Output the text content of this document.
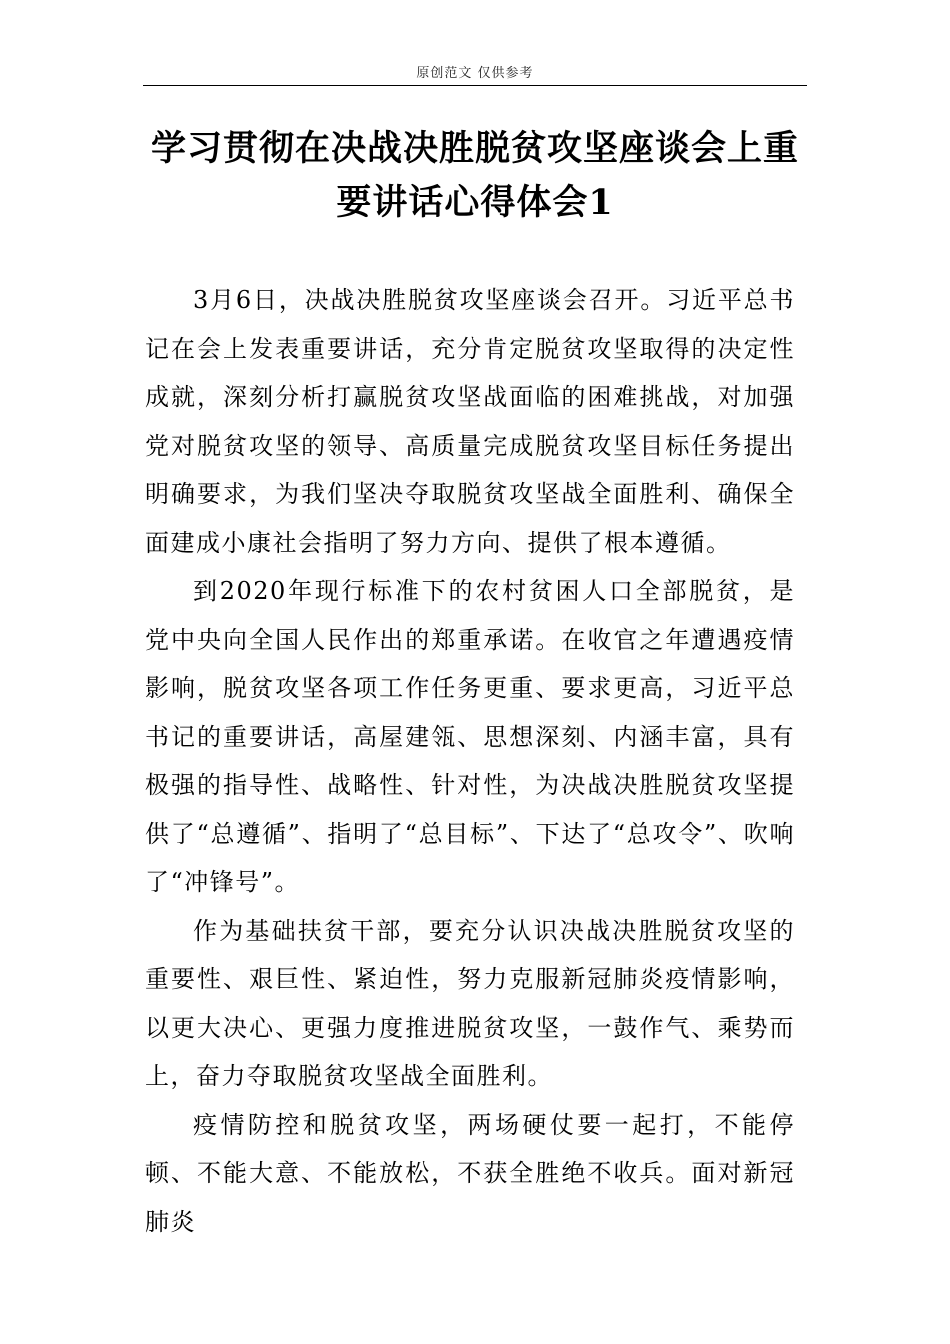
原创范文 仅供参考
学习贯彻在决战决胜脱贫攻坚座谈会上重要讲话心得体会1

3月6日，决战决胜脱贫攻坚座谈会召开。习近平总书记在会上发表重要讲话，充分肯定脱贫攻坚取得的决定性成就，深刻分析打赢脱贫攻坚战面临的困难挑战，对加强党对脱贫攻坚的领导、高质量完成脱贫攻坚目标任务提出明确要求，为我们坚决夺取脱贫攻坚战全面胜利、确保全面建成小康社会指明了努力方向、提供了根本遵循。

到2020年现行标准下的农村贫困人口全部脱贫，是党中央向全国人民作出的郑重承诺。在收官之年遭遇疫情影响，脱贫攻坚各项工作任务更重、要求更高，习近平总书记的重要讲话，高屋建瓴、思想深刻、内涵丰富，具有极强的指导性、战略性、针对性，为决战决胜脱贫攻坚提供了“总遵循”、指明了“总目标”、下达了“总攻令”、吹响了“冲锋号”。

作为基础扶贫干部，要充分认识决战决胜脱贫攻坚的重要性、艰巨性、紧迫性，努力克服新冠肺炎疫情影响，以更大决心、更强力度推进脱贫攻坚，一鼓作气、乘势而上，奋力夺取脱贫攻坚战全面胜利。

疫情防控和脱贫攻坚，两场硬仗要一起打，不能停顿、不能大意、不能放松，不获全胜绝不收兵。面对新冠肺炎
